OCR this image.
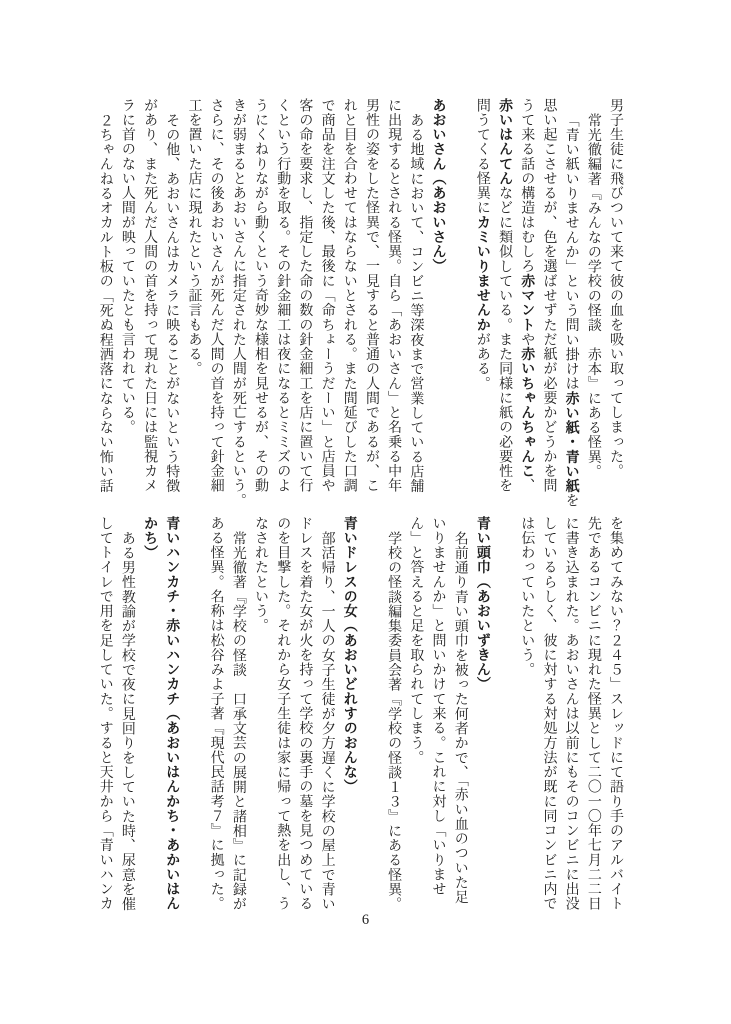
男子生徒に飛びついて来て彼の血を吸い取ってしまった。
常光徹編著『みんなの学校の怪談　赤本』にある怪異。
「青い紙いりませんか」という問い掛けは赤い紙・青い紙を
思い起こさせるが、色を選ばせずただ紙が必要かどうかを問
うて来る話の構造はむしろ赤マントや赤いちゃんちゃんこ、
赤いはんてんなどに類似している。また同様に紙の必要性を
問うてくる怪異にカミいりませんかがある。
あおいさん（あおいさん）
ある地域において、コンビニ等深夜まで営業している店舗
に出現するとされる怪異。自ら「あおいさん」と名乗る中年
男性の姿をした怪異で、一見すると普通の人間であるが、こ
れと目を合わせてはならないとされる。また間延びした口調
で商品を注文した後、最後に「命ちょーうだーい」と店員や
客の命を要求し、指定した命の数の針金細工を店に置いて行
くという行動を取る。その針金細工は夜になるとミミズのよ
うにくねりながら動くという奇妙な様相を見せるが、その動
きが弱まるとあおいさんに指定された人間が死亡するという。
さらに、その後あおいさんが死んだ人間の首を持って針金細
工を置いた店に現れたという証言もある。
その他、あおいさんはカメラに映ることがないという特徴
があり、また死んだ人間の首を持って現れた日には監視カメ
ラに首のない人間が映っていたとも言われている。
２ちゃんねるオカルト板の「死ぬ程洒落にならない怖い話
を集めてみない？２４５」スレッドにて語り手のアルバイト
先であるコンビニに現れた怪異として二〇一〇年七月二二日
に書き込まれた。あおいさんは以前にもそのコンビニに出没
しているらしく、彼に対する対処方法が既に同コンビニ内で
は伝わっていたという。
青い頭巾（あおいずきん）
名前通り青い頭巾を被った何者かで、「赤い血のついた足
いりませんか」と問いかけて来る。これに対し「いりませ
ん」と答えると足を取られてしまう。
学校の怪談編集委員会著『学校の怪談１３』にある怪異。
青いドレスの女（あおいどれすのおんな）
部活帰り、一人の女子生徒が夕方遅くに学校の屋上で青い
ドレスを着た女が火を持って学校の裏手の墓を見つめている
のを目撃した。それから女子生徒は家に帰って熱を出し、う
なされたという。
常光徹著『学校の怪談　口承文芸の展開と諸相』に記録が
ある怪異。名称は松谷みよ子著『現代民話考７』に拠った。
青いハンカチ・赤いハンカチ（あおいはんかち・あかいはん
かち）
ある男性教諭が学校で夜に見回りをしていた時、尿意を催
してトイレで用を足していた。すると天井から「青いハンカ
6
